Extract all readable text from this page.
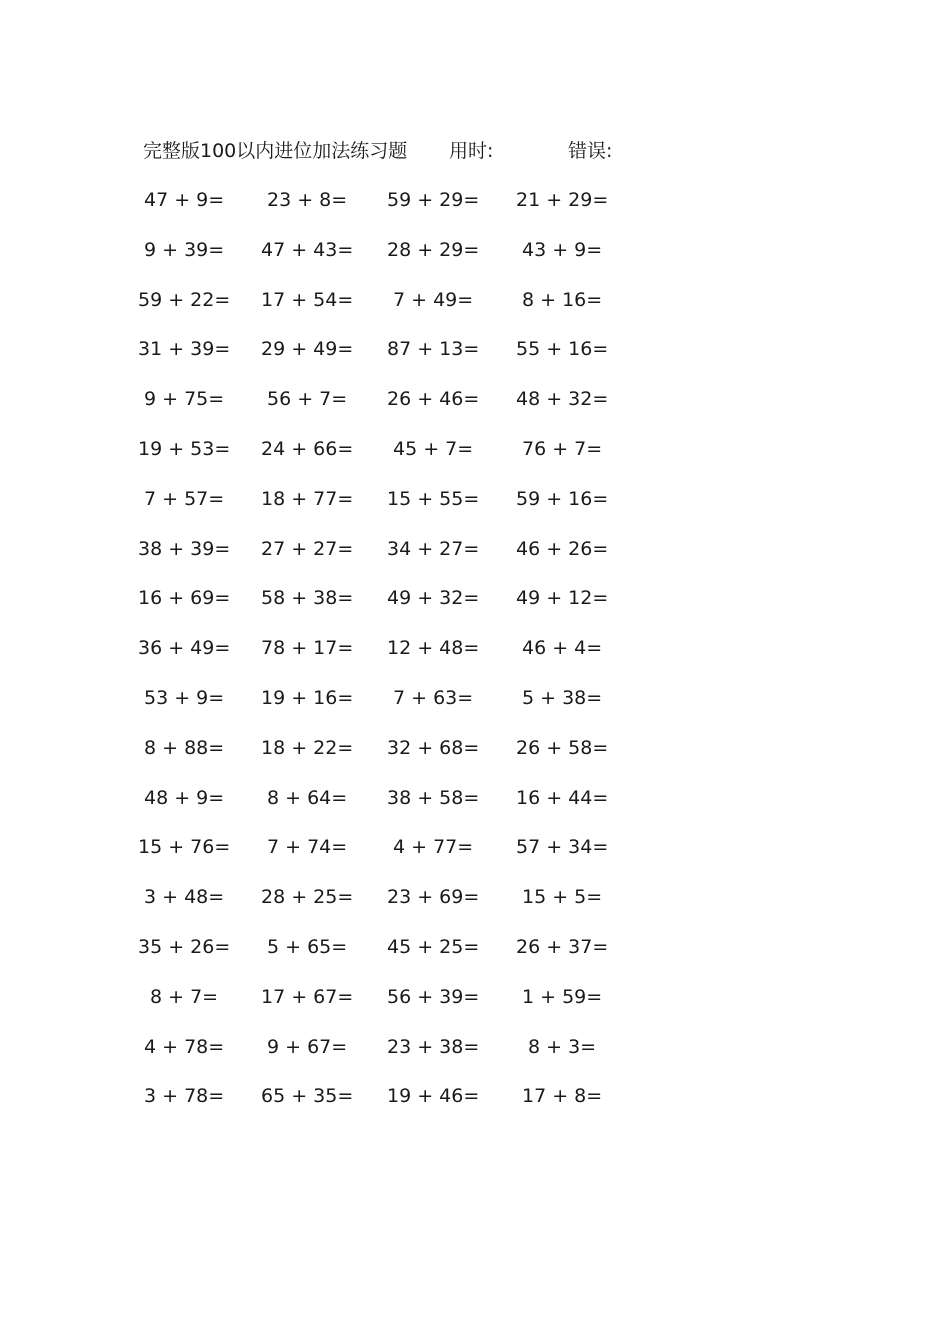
完整版100以内进位加法练习题 用时:	错误:
47 + 9= 23 + 8= 59 + 29= 21 + 29=
9 + 39= 47 + 43= 28 + 29= 43 + 9=
59 + 22= 17 + 54= 7 + 49=	8 + 16=
31 + 39= 29 + 49= 87 + 13= 55 + 16=
9 + 75= 56 + 7= 26 + 46= 48 + 32=
19 + 53= 24 + 66= 45 + 7=	76 + 7=
7 + 57= 18 + 77= 15 + 55= 59 + 16=
38 + 39= 27 + 27= 34 + 27= 46 + 26=
16 + 69= 58 + 38= 49 + 32= 49 + 12=
36 + 49= 78 + 17= 12 + 48= 46 + 4=
53 + 9= 19 + 16= 7 + 63=	5 + 38=
8 + 88= 18 + 22= 32 + 68= 26 + 58=
48 + 9= 8 + 64= 38 + 58= 16 + 44=
15 + 76= 7 + 74= 4 + 77= 57 + 34=
3 + 48= 28 + 25= 23 + 69= 15 + 5=
35 + 26= 5 + 65= 45 + 25= 26 + 37=
8 + 7= 17 + 67= 56 + 39= 1 + 59=
4 + 78= 9 + 67= 23 + 38=	8 + 3=
3 + 78= 65 + 35= 19 + 46= 17 + 8=
